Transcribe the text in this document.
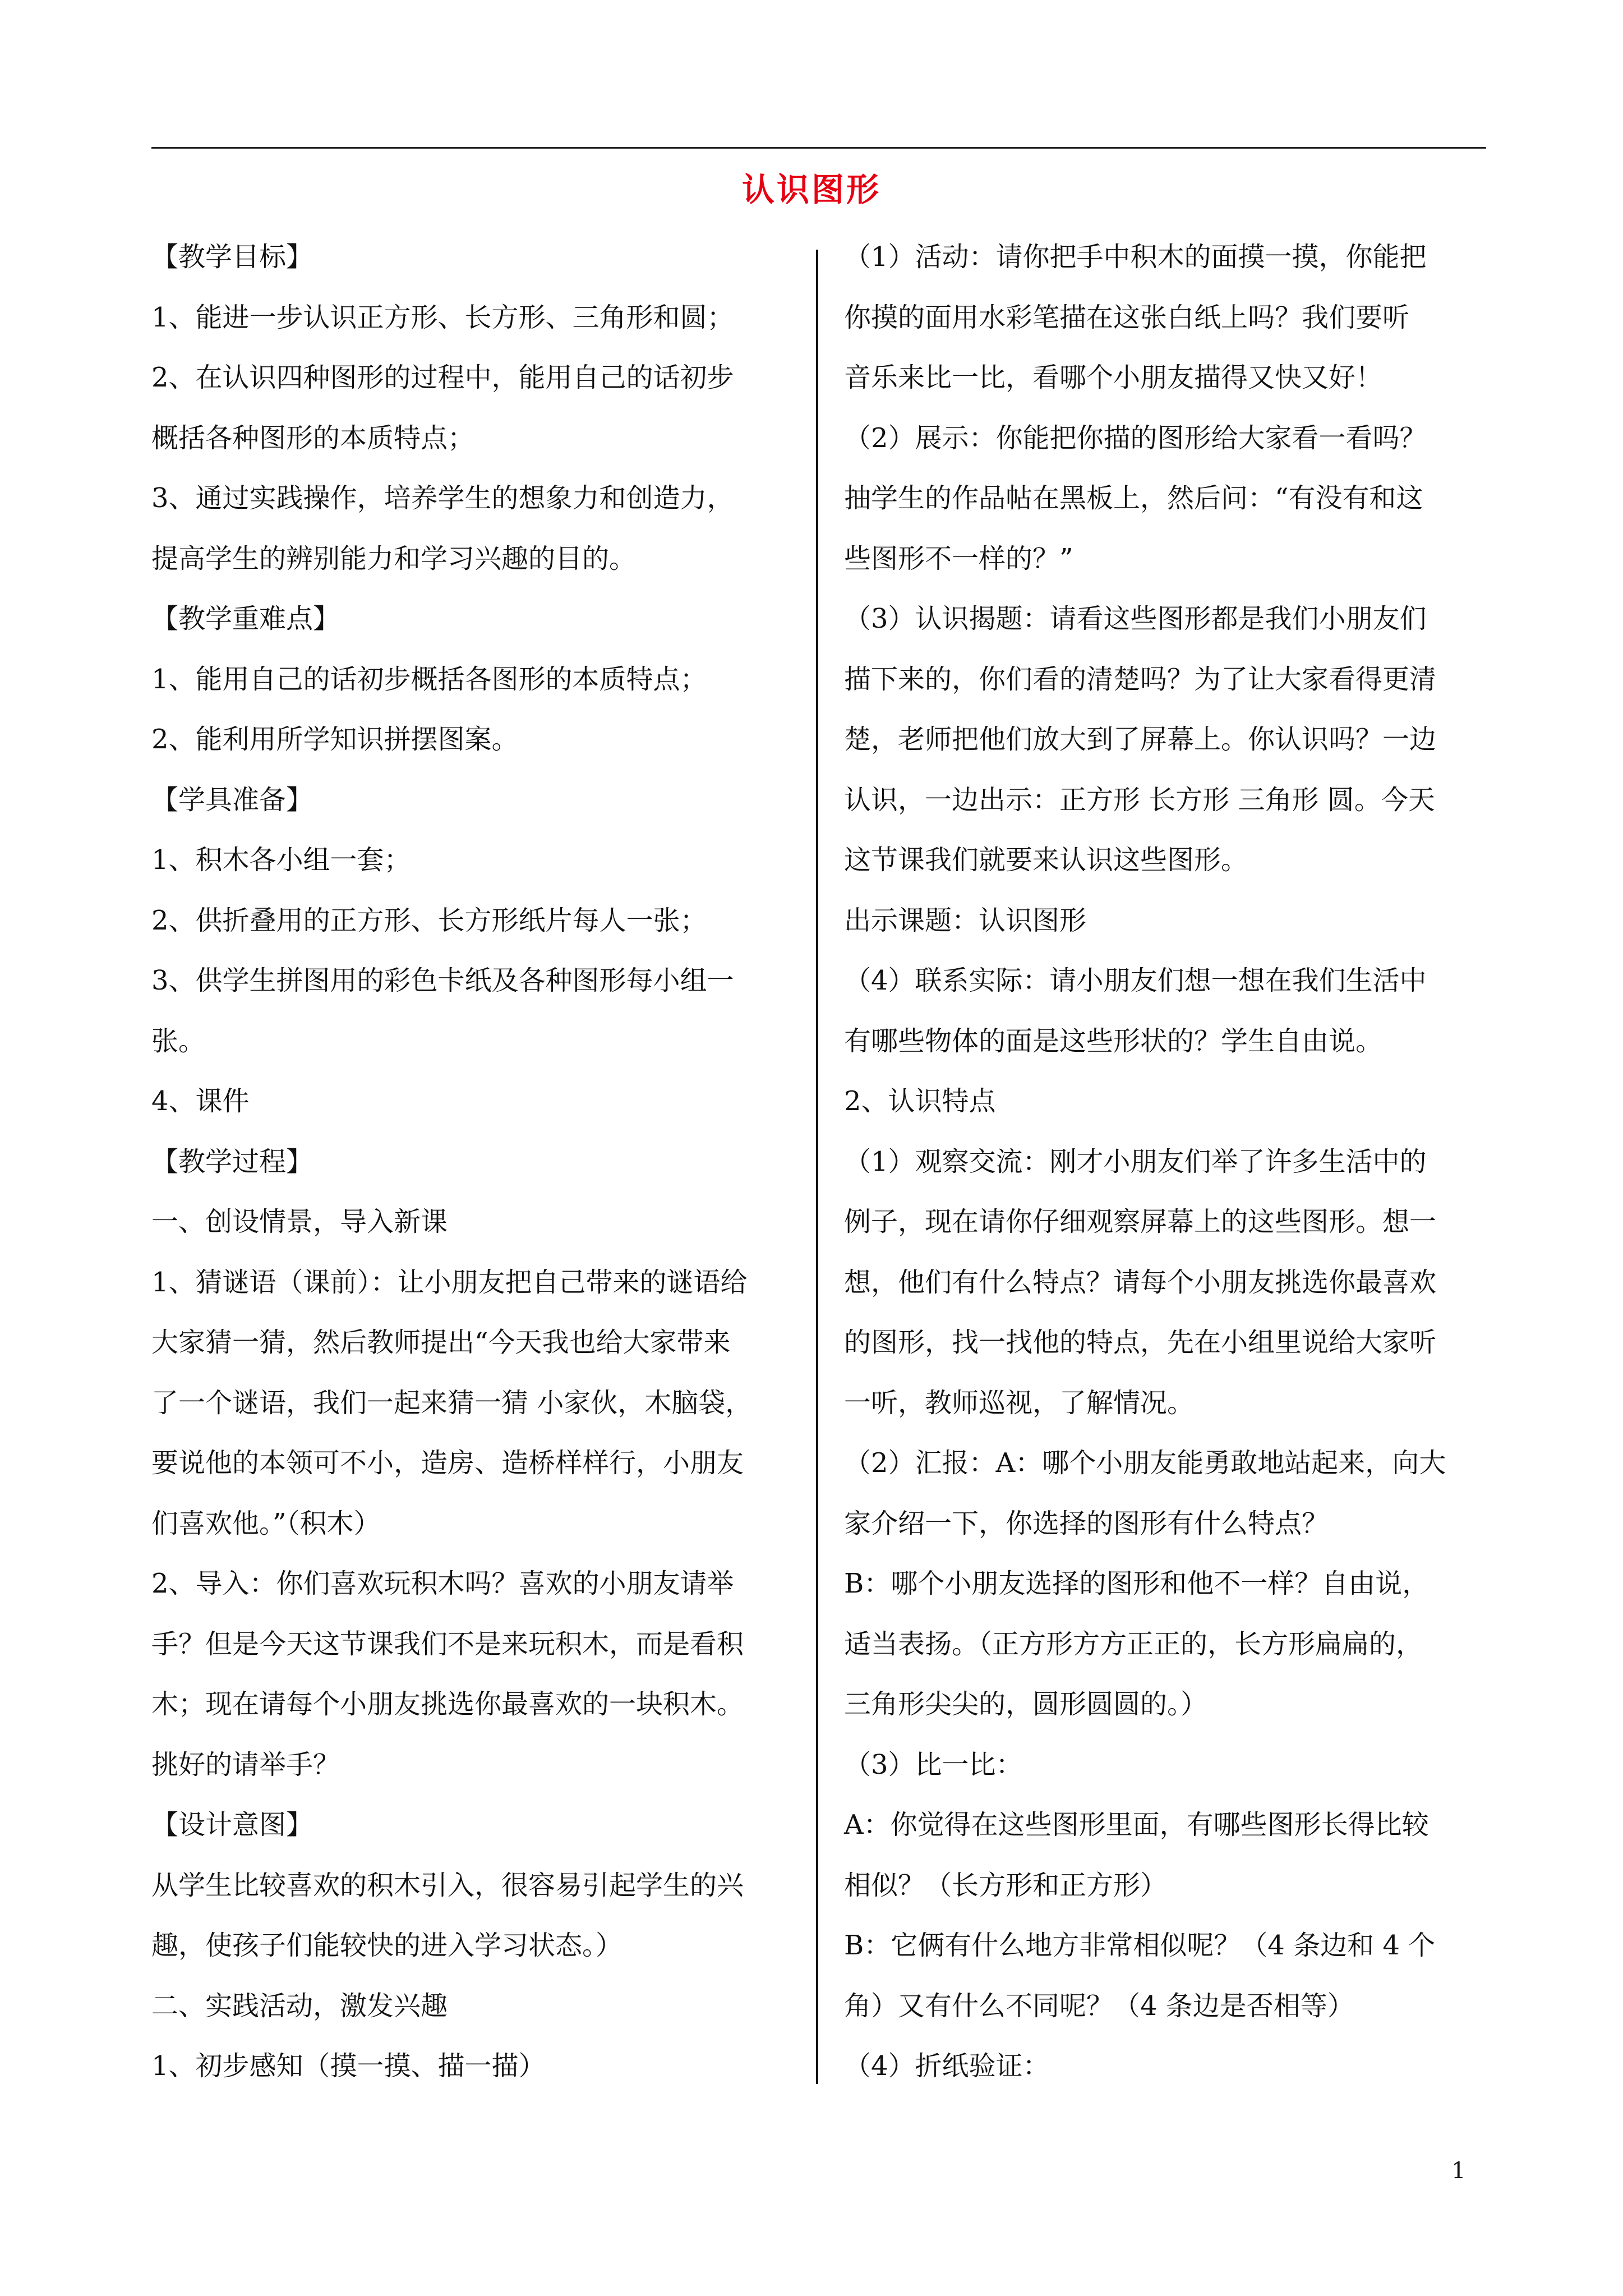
认识图形

【教学目标】

1、能进一步认识正方形、长方形、三角形和圆；

2、在认识四种图形的过程中，能用自己的话初步

概括各种图形的本质特点；

3、通过实践操作，培养学生的想象力和创造力，

提高学生的辨别能力和学习兴趣的目的。

【教学重难点】

1、能用自己的话初步概括各图形的本质特点；

2、能利用所学知识拼摆图案。

【学具准备】

1、积木各小组一套；

2、供折叠用的正方形、长方形纸片每人一张；

3、供学生拼图用的彩色卡纸及各种图形每小组一

张。

4、课件

【教学过程】

一、创设情景，导入新课

1、猜谜语（课前）：让小朋友把自己带来的谜语给

大家猜一猜，然后教师提出“今天我也给大家带来

了一个谜语，我们一起来猜一猜 小家伙，木脑袋，

要说他的本领可不小，造房、造桥样样行，小朋友

们喜欢他。”（积木）

2、导入：你们喜欢玩积木吗？喜欢的小朋友请举

手？但是今天这节课我们不是来玩积木，而是看积

木；现在请每个小朋友挑选你最喜欢的一块积木。

挑好的请举手？

【设计意图】

从学生比较喜欢的积木引入，很容易引起学生的兴

趣，使孩子们能较快的进入学习状态。）

二、实践活动，激发兴趣

1、初步感知（摸一摸、描一描）

（1）活动：请你把手中积木的面摸一摸，你能把

你摸的面用水彩笔描在这张白纸上吗？我们要听

音乐来比一比，看哪个小朋友描得又快又好！

（2）展示：你能把你描的图形给大家看一看吗？

抽学生的作品帖在黑板上，然后问：“有没有和这

些图形不一样的？”

（3）认识揭题：请看这些图形都是我们小朋友们

描下来的，你们看的清楚吗？为了让大家看得更清

楚，老师把他们放大到了屏幕上。你认识吗？一边

认识，一边出示：正方形 长方形 三角形 圆。今天

这节课我们就要来认识这些图形。

出示课题：认识图形

（4）联系实际：请小朋友们想一想在我们生活中

有哪些物体的面是这些形状的？学生自由说。

2、认识特点

（1）观察交流：刚才小朋友们举了许多生活中的

例子，现在请你仔细观察屏幕上的这些图形。想一

想，他们有什么特点？请每个小朋友挑选你最喜欢

的图形，找一找他的特点，先在小组里说给大家听

一听，教师巡视，了解情况。

（2）汇报：A：哪个小朋友能勇敢地站起来，向大

家介绍一下，你选择的图形有什么特点？

B：哪个小朋友选择的图形和他不一样？自由说，

适当表扬。（正方形方方正正的，长方形扁扁的，

三角形尖尖的，圆形圆圆的。）

（3）比一比：

A：你觉得在这些图形里面，有哪些图形长得比较

相似？（长方形和正方形）

B：它俩有什么地方非常相似呢？（4 条边和 4 个

角）又有什么不同呢？（4 条边是否相等）

（4）折纸验证：

1
